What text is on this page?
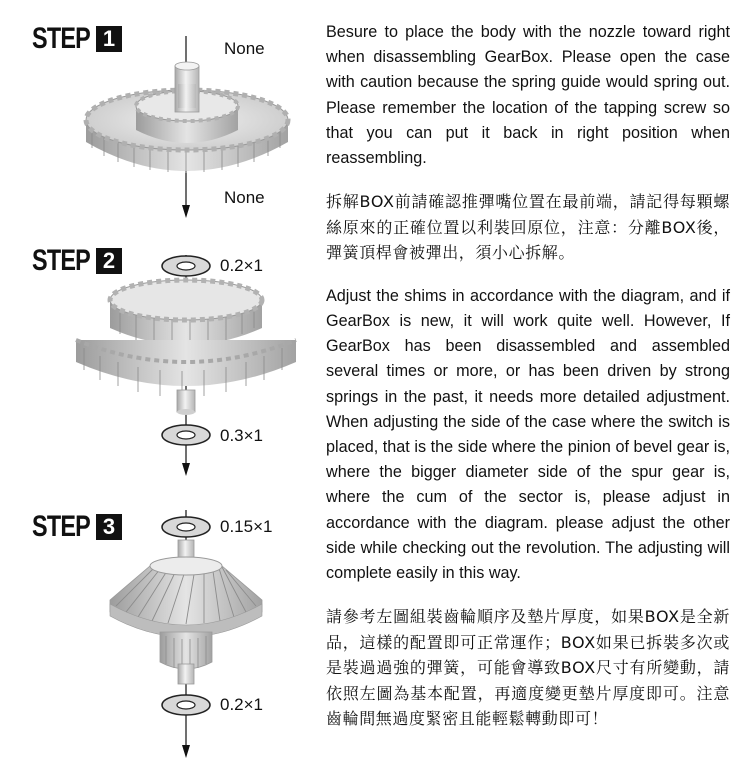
STEP 1
STEP 2
STEP 3
None
None
0.2×1
0.3×1
0.15×1
0.2×1

Besure to place the body with the nozzle toward right when disassembling GearBox. Please open the case with caution because the spring guide would spring out. Please remember the location of the tapping screw so that you can put it back in right position when reassembling.

拆解BOX前請確認推彈嘴位置在最前端，請記得每顆螺絲原來的正確位置以利裝回原位，注意：分離BOX後，彈簧頂桿會被彈出，須小心拆解。

Adjust the shims in accordance with the diagram, and if GearBox is new, it will work quite well. However, If GearBox has been disassembled and assembled several times or more, or has been driven by strong springs in the past, it needs more detailed adjustment. When adjusting the side of the case where the switch is placed, that is the side where the pinion of bevel gear is, where the bigger diameter side of the spur gear is, where the cum of the sector is, please adjust in accordance with the diagram. please adjust the other side while checking out the revolution. The adjusting will complete easily in this way.

請參考左圖組裝齒輪順序及墊片厚度，如果BOX是全新品，這樣的配置即可正常運作；BOX如果已拆裝多次或是裝過過強的彈簧，可能會導致BOX尺寸有所變動，請依照左圖為基本配置，再適度變更墊片厚度即可。注意齒輪間無過度緊密且能輕鬆轉動即可！
